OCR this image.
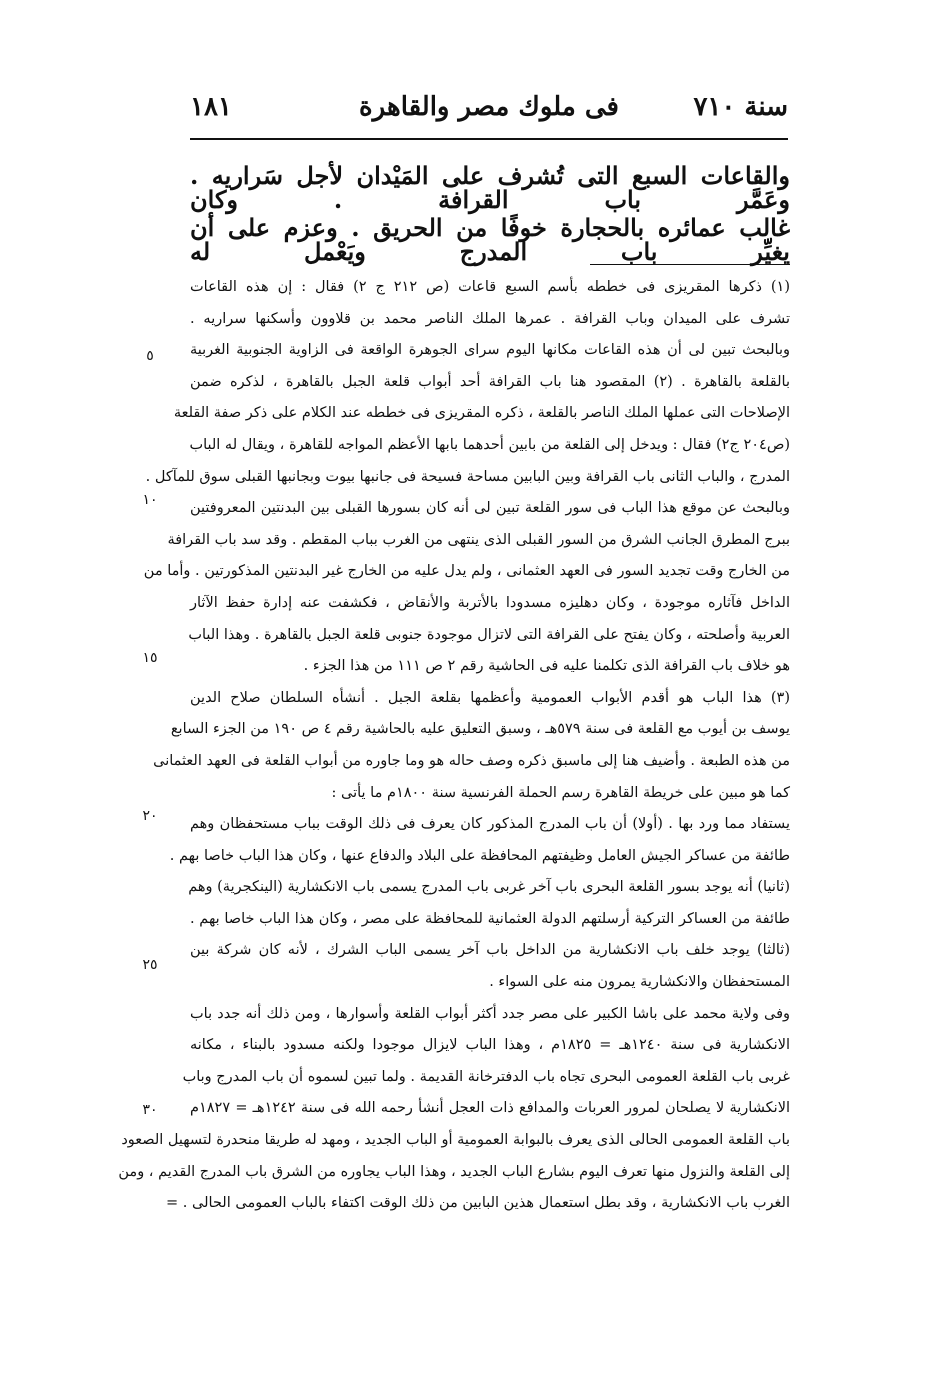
سنة ٧١٠
فى ملوك مصر والقاهرة
١٨١
والقاعات السبع التى تُشرف على المَيْدان لأجل سَراريه . وعَمَّر باب القرافة . وكان
غالب عمائره بالحجارة خوفًا من الحريق . وعزم على أن يغيِّر باب المدرج ويَعْمل له
(١) ذكرها المقريزى فى خططه بأسم السبع قاعات (ص ٢١٢ ج ٢) فقال : إن هذه القاعات
تشرف على الميدان وباب القرافة . عمرها الملك الناصر محمد بن قلاوون وأسكنها سراريه .
وبالبحث تبين لى أن هذه القاعات مكانها اليوم سراى الجوهرة الواقعة فى الزاوية الجنوبية الغربية
بالقلعة بالقاهرة . (٢) المقصود هنا باب القرافة أحد أبواب قلعة الجبل بالقاهرة ، لذكره ضمن
الإصلاحات التى عملها الملك الناصر بالقلعة ، ذكره المقريزى فى خططه عند الكلام على ذكر صفة القلعة
(ص٢٠٤ ج٢) فقال : ويدخل إلى القلعة من بابين أحدهما بابها الأعظم المواجه للقاهرة ، ويقال له الباب
المدرج ، والباب الثانى باب القرافة وبين البابين مساحة فسيحة فى جانبها بيوت وبجانبها القبلى سوق للمآكل .
وبالبحث عن موقع هذا الباب فى سور القلعة تبين لى أنه كان بسورها القبلى بين البدنتين المعروفتين
ببرج المطرق الجانب الشرق من السور القبلى الذى ينتهى من الغرب بباب المقطم . وقد سد باب القرافة
من الخارج وقت تجديد السور فى العهد العثمانى ، ولم يدل عليه من الخارج غير البدنتين المذكورتين . وأما من
الداخل فآثاره موجودة ، وكان دهليزه مسدودا بالأتربة والأنقاض ، فكشفت عنه إدارة حفظ الآثار
العربية وأصلحته ، وكان يفتح على القرافة التى لاتزال موجودة جنوبى قلعة الجبل بالقاهرة . وهذا الباب
هو خلاف باب القرافة الذى تكلمنا عليه فى الحاشية رقم ٢ ص ١١١ من هذا الجزء .
(٣) هذا الباب هو أقدم الأبواب العمومية وأعظمها بقلعة الجبل . أنشأه السلطان صلاح الدين
يوسف بن أيوب مع القلعة فى سنة ٥٧٩هـ ، وسبق التعليق عليه بالحاشية رقم ٤ ص ١٩٠ من الجزء السابع
من هذه الطبعة . وأضيف هنا إلى ماسبق ذكره وصف حاله هو وما جاوره من أبواب القلعة فى العهد العثمانى
كما هو مبين على خريطة القاهرة رسم الحملة الفرنسية سنة ١٨٠٠م ما يأتى :
يستفاد مما ورد بها . (أولا) أن باب المدرج المذكور كان يعرف فى ذلك الوقت بباب مستحفظان وهم
طائفة من عساكر الجيش العامل وظيفتهم المحافظة على البلاد والدفاع عنها ، وكان هذا الباب خاصا بهم .
(ثانيا) أنه يوجد بسور القلعة البحرى باب آخر غربى باب المدرج يسمى باب الانكشارية (الينكجرية) وهم
طائفة من العساكر التركية أرسلتهم الدولة العثمانية للمحافظة على مصر ، وكان هذا الباب خاصا بهم .
(ثالثا) يوجد خلف باب الانكشارية من الداخل باب آخر يسمى الباب الشرك ، لأنه كان شركة بين
المستحفظان والانكشارية يمرون منه على السواء .
وفى ولاية محمد على باشا الكبير على مصر جدد أكثر أبواب القلعة وأسوارها ، ومن ذلك أنه جدد باب
الانكشارية فى سنة ١٢٤٠هـ = ١٨٢٥م ، وهذا الباب لايزال موجودا ولكنه مسدود بالبناء ، مكانه
غربى باب القلعة العمومى البحرى تجاه باب الدفترخانة القديمة . ولما تبين لسموه أن باب المدرج وباب
الانكشارية لا يصلحان لمرور العربات والمدافع ذات العجل أنشأ رحمه الله فى سنة ١٢٤٢هـ = ١٨٢٧م
باب القلعة العمومى الحالى الذى يعرف بالبوابة العمومية أو الباب الجديد ، ومهد له طريقا منحدرة لتسهيل الصعود
إلى القلعة والنزول منها تعرف اليوم بشارع الباب الجديد ، وهذا الباب يجاوره من الشرق باب المدرج القديم ، ومن
الغرب باب الانكشارية ، وقد بطل استعمال هذين البابين من ذلك الوقت اكتفاء بالباب العمومى الحالى . =
٥
١٠
١٥
٢٠
٢٥
٣٠
